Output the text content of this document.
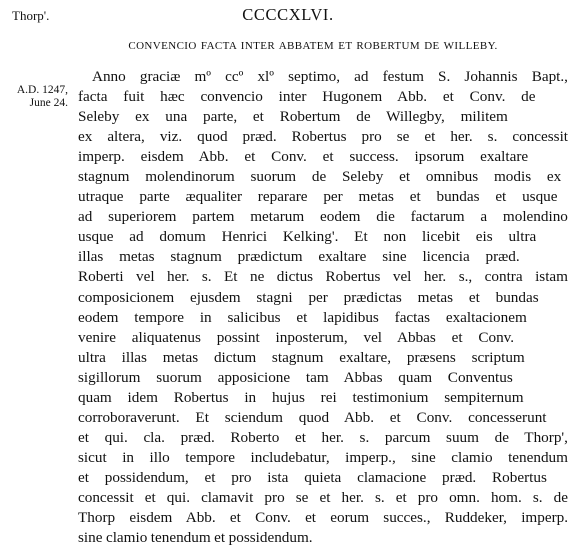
Thorp'.	CCCCXLVI.
CONVENCIO FACTA INTER ABBATEM ET ROBERTUM DE WILLEBY.
A.D. 1247,
June 24.
Anno graciæ mº ccº xlº septimo, ad festum S. Johannis Bapt.,
facta fuit hæc convencio inter Hugonem Abb. et Conv. de
Seleby ex una parte, et Robertum de Willegby, militem
ex altera, viz. quod præd. Robertus pro se et her. s. concessit
imperp. eisdem Abb. et Conv. et success. ipsorum exaltare
stagnum molendinorum suorum de Seleby et omnibus modis ex
utraque parte æqualiter reparare per metas et bundas et usque
ad superiorem partem metarum eodem die factarum a molendino
usque ad domum Henrici Kelking'. Et non licebit eis ultra
illas metas stagnum prædictum exaltare sine licencia præd.
Roberti vel her. s. Et ne dictus Robertus vel her. s., contra istam
composicionem ejusdem stagni per prædictas metas et bundas
eodem tempore in salicibus et lapidibus factas exaltacionem
venire aliquatenus possint inposterum, vel Abbas et Conv.
ultra illas metas dictum stagnum exaltare, præsens scriptum
sigillorum suorum apposicione tam Abbas quam Conventus
quam idem Robertus in hujus rei testimonium sempiternum
corroboraverunt. Et sciendum quod Abb. et Conv. concesserunt
et qui. cla. præd. Roberto et her. s. parcum suum de Thorp',
sicut in illo tempore includebatur, imperp., sine clamio tenendum
et possidendum, et pro ista quieta clamacione præd. Robertus
concessit et qui. clamavit pro se et her. s. et pro omn. hom. s. de
Thorp eisdem Abb. et Conv. et eorum succes., Ruddeker, imperp.
sine clamio tenendum et possidendum.
